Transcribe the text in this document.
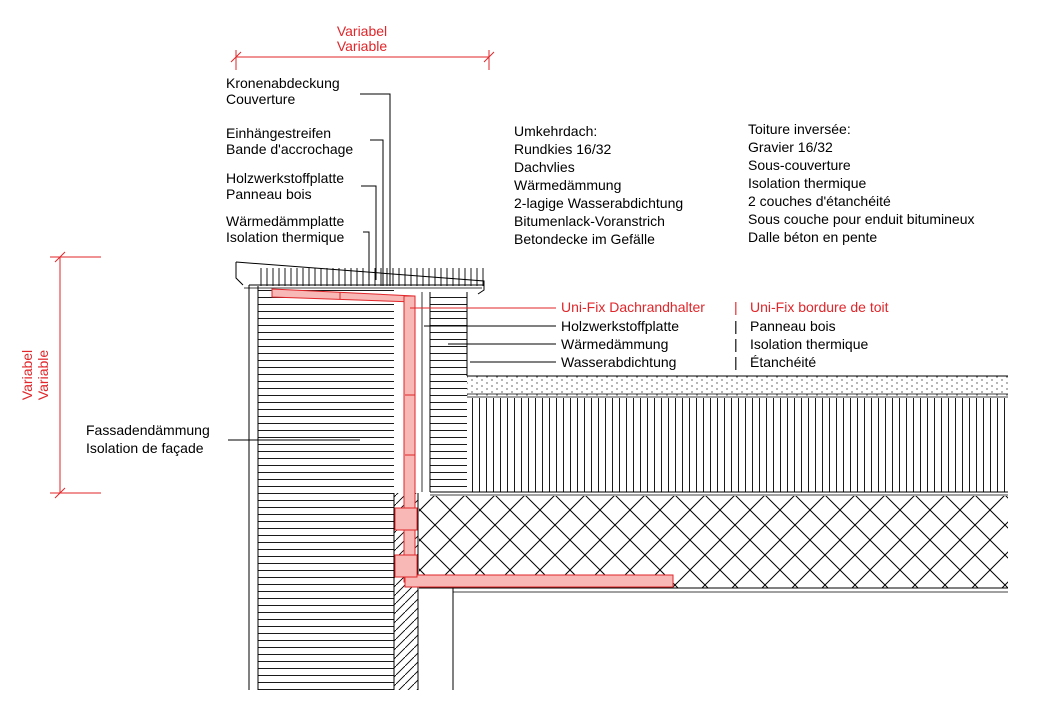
Variabel
Variable
Variabel Variable
Kronenabdeckung
Couverture
Einhängestreifen
Bande d'accrochage
Holzwerkstoffplatte
Panneau bois
Wärmedämmplatte
Isolation thermique
Fassadendämmung
Isolation de façade
Umkehrdach:
Rundkies 16/32
Dachvlies
Wärmedämmung
2-lagige Wasserabdichtung
Bitumenlack-Voranstrich
Betondecke im Gefälle
Toiture inversée:
Gravier 16/32
Sous-couverture
Isolation thermique
2 couches d'étanchéité
Sous couche pour enduit bitumineux
Dalle béton en pente
Uni-Fix Dachrandhalter | Uni-Fix bordure de toit
Holzwerkstoffplatte	| Panneau bois
Wärmedämmung	| Isolation thermique
Wasserabdichtung	| Étanchéité
